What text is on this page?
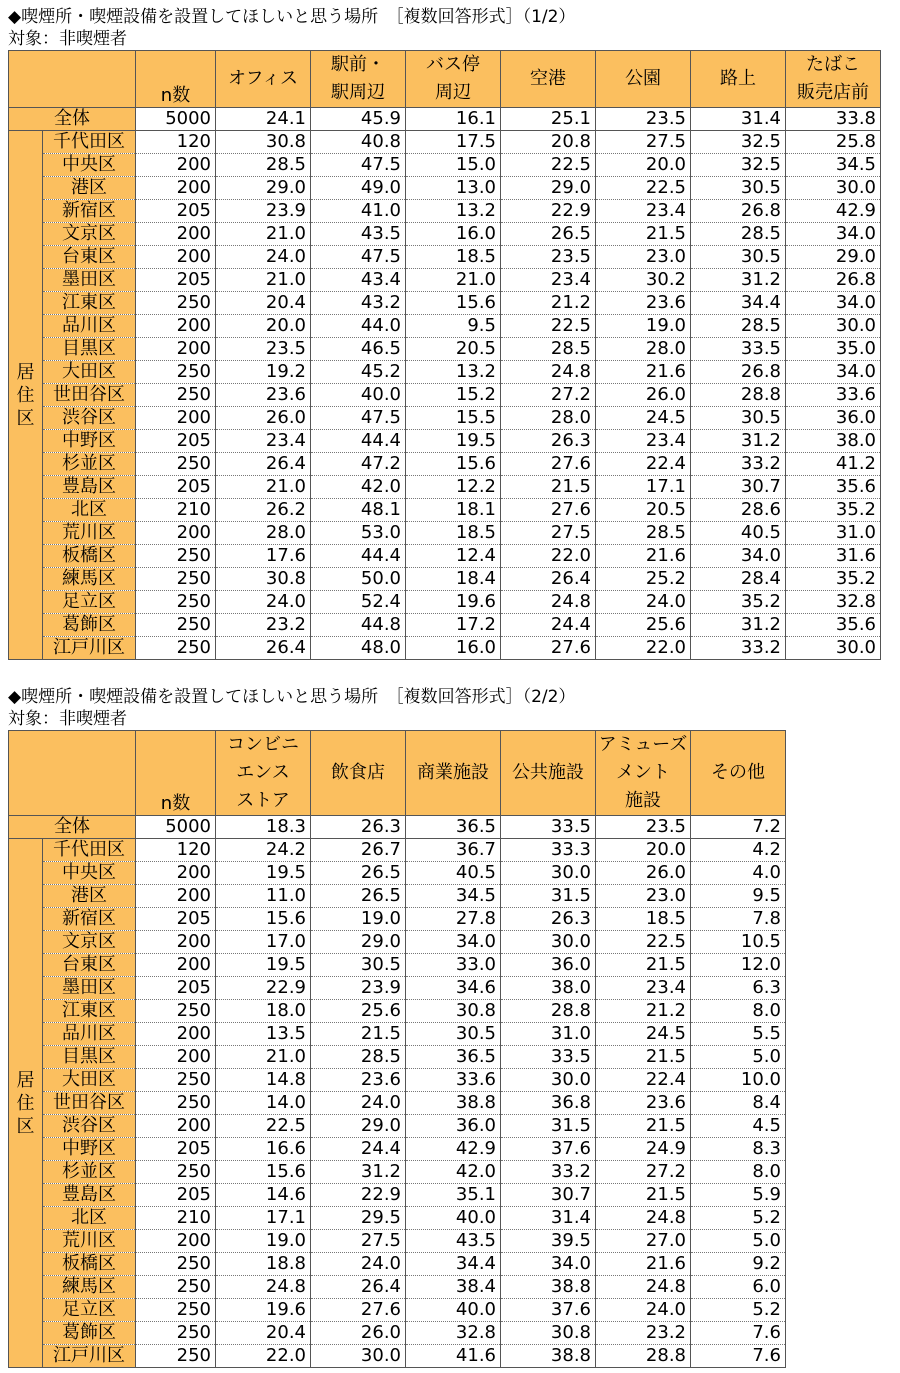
◆喫煙所・喫煙設備を設置してほしいと思う場所　［複数回答形式］（1/2）
対象：非喫煙者
		n数	オフィス	駅前・
駅周辺	バス停
周辺	空港	公園	路上	たばこ
販売店前
全体		5000	24.1	45.9	16.1	25.1	23.5	31.4	33.8
居
住
区	千代田区	120	30.8	40.8	17.5	20.8	27.5	32.5	25.8
	中央区	200	28.5	47.5	15.0	22.5	20.0	32.5	34.5
	港区	200	29.0	49.0	13.0	29.0	22.5	30.5	30.0
	新宿区	205	23.9	41.0	13.2	22.9	23.4	26.8	42.9
	文京区	200	21.0	43.5	16.0	26.5	21.5	28.5	34.0
	台東区	200	24.0	47.5	18.5	23.5	23.0	30.5	29.0
	墨田区	205	21.0	43.4	21.0	23.4	30.2	31.2	26.8
	江東区	250	20.4	43.2	15.6	21.2	23.6	34.4	34.0
	品川区	200	20.0	44.0	9.5	22.5	19.0	28.5	30.0
	目黒区	200	23.5	46.5	20.5	28.5	28.0	33.5	35.0
	大田区	250	19.2	45.2	13.2	24.8	21.6	26.8	34.0
	世田谷区	250	23.6	40.0	15.2	27.2	26.0	28.8	33.6
	渋谷区	200	26.0	47.5	15.5	28.0	24.5	30.5	36.0
	中野区	205	23.4	44.4	19.5	26.3	23.4	31.2	38.0
	杉並区	250	26.4	47.2	15.6	27.6	22.4	33.2	41.2
	豊島区	205	21.0	42.0	12.2	21.5	17.1	30.7	35.6
	北区	210	26.2	48.1	18.1	27.6	20.5	28.6	35.2
	荒川区	200	28.0	53.0	18.5	27.5	28.5	40.5	31.0
	板橋区	250	17.6	44.4	12.4	22.0	21.6	34.0	31.6
	練馬区	250	30.8	50.0	18.4	26.4	25.2	28.4	35.2
	足立区	250	24.0	52.4	19.6	24.8	24.0	35.2	32.8
	葛飾区	250	23.2	44.8	17.2	24.4	25.6	31.2	35.6
	江戸川区	250	26.4	48.0	16.0	27.6	22.0	33.2	30.0
◆喫煙所・喫煙設備を設置してほしいと思う場所　［複数回答形式］（2/2）
対象：非喫煙者
		n数	コンビニ
エンス
ストア	飲食店	商業施設	公共施設	アミューズ
メント
施設	その他
全体		5000	18.3	26.3	36.5	33.5	23.5	7.2
居
住
区	千代田区	120	24.2	26.7	36.7	33.3	20.0	4.2
	中央区	200	19.5	26.5	40.5	30.0	26.0	4.0
	港区	200	11.0	26.5	34.5	31.5	23.0	9.5
	新宿区	205	15.6	19.0	27.8	26.3	18.5	7.8
	文京区	200	17.0	29.0	34.0	30.0	22.5	10.5
	台東区	200	19.5	30.5	33.0	36.0	21.5	12.0
	墨田区	205	22.9	23.9	34.6	38.0	23.4	6.3
	江東区	250	18.0	25.6	30.8	28.8	21.2	8.0
	品川区	200	13.5	21.5	30.5	31.0	24.5	5.5
	目黒区	200	21.0	28.5	36.5	33.5	21.5	5.0
	大田区	250	14.8	23.6	33.6	30.0	22.4	10.0
	世田谷区	250	14.0	24.0	38.8	36.8	23.6	8.4
	渋谷区	200	22.5	29.0	36.0	31.5	21.5	4.5
	中野区	205	16.6	24.4	42.9	37.6	24.9	8.3
	杉並区	250	15.6	31.2	42.0	33.2	27.2	8.0
	豊島区	205	14.6	22.9	35.1	30.7	21.5	5.9
	北区	210	17.1	29.5	40.0	31.4	24.8	5.2
	荒川区	200	19.0	27.5	43.5	39.5	27.0	5.0
	板橋区	250	18.8	24.0	34.4	34.0	21.6	9.2
	練馬区	250	24.8	26.4	38.4	38.8	24.8	6.0
	足立区	250	19.6	27.6	40.0	37.6	24.0	5.2
	葛飾区	250	20.4	26.0	32.8	30.8	23.2	7.6
	江戸川区	250	22.0	30.0	41.6	38.8	28.8	7.6
